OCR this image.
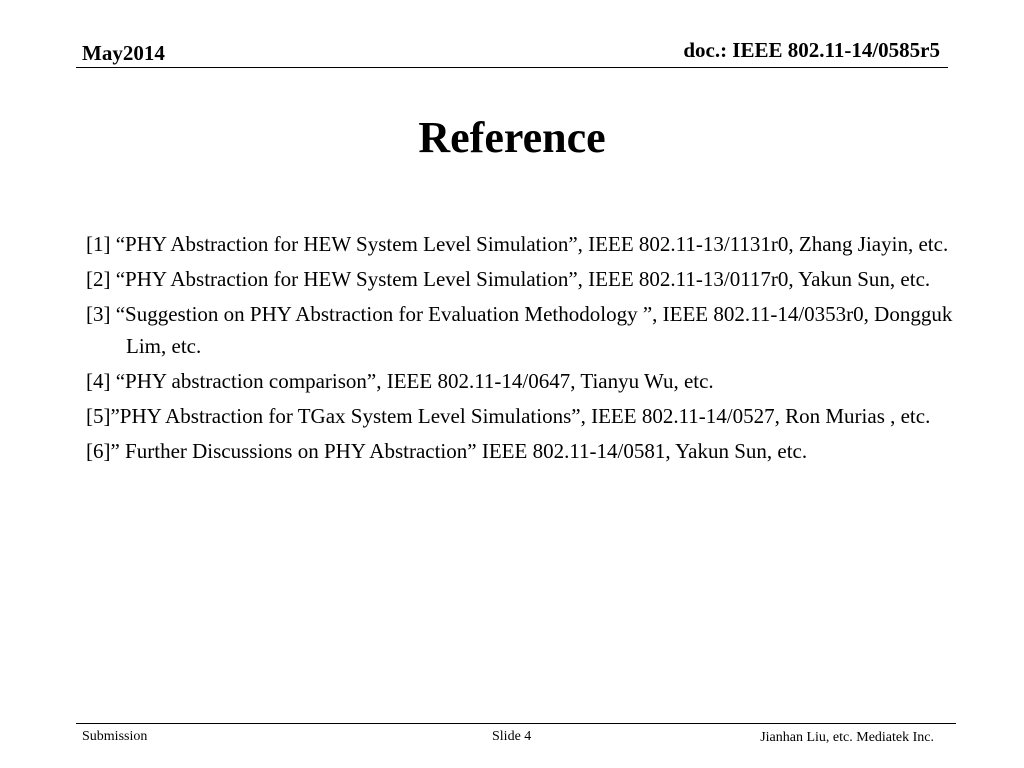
May2014	doc.: IEEE 802.11-14/0585r5
Reference
[1] “PHY Abstraction for HEW System Level Simulation”, IEEE 802.11-13/1131r0, Zhang Jiayin, etc.
[2] “PHY Abstraction for HEW System Level Simulation”, IEEE 802.11-13/0117r0, Yakun Sun, etc.
[3] “Suggestion on PHY Abstraction for Evaluation Methodology ”, IEEE 802.11-14/0353r0, Dongguk Lim, etc.
[4] “PHY abstraction comparison”, IEEE 802.11-14/0647, Tianyu Wu, etc.
[5]”PHY Abstraction for TGax System Level Simulations”, IEEE 802.11-14/0527, Ron Murias , etc.
[6]” Further Discussions on PHY Abstraction” IEEE 802.11-14/0581, Yakun Sun, etc.
Submission	Slide 4	Jianhan Liu, etc. Mediatek Inc.
